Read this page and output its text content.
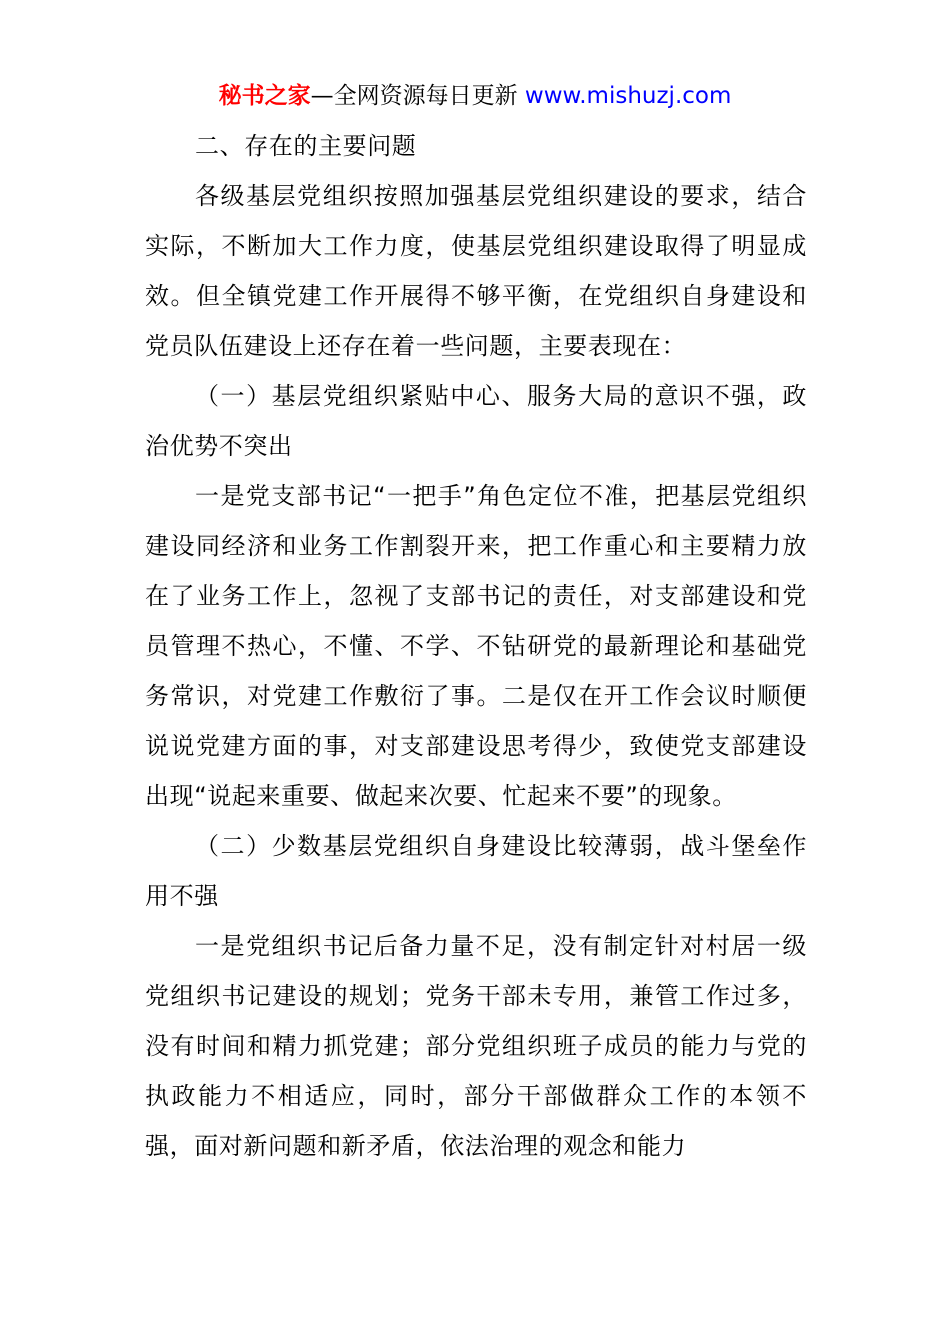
秘书之家—全网资源每日更新 www.mishuzj.com

二、存在的主要问题

各级基层党组织按照加强基层党组织建设的要求，结合实际，不断加大工作力度，使基层党组织建设取得了明显成效。但全镇党建工作开展得不够平衡，在党组织自身建设和党员队伍建设上还存在着一些问题，主要表现在：

（一）基层党组织紧贴中心、服务大局的意识不强，政治优势不突出

一是党支部书记“一把手”角色定位不准，把基层党组织建设同经济和业务工作割裂开来，把工作重心和主要精力放在了业务工作上，忽视了支部书记的责任，对支部建设和党员管理不热心，不懂、不学、不钻研党的最新理论和基础党务常识，对党建工作敷衍了事。二是仅在开工作会议时顺便说说党建方面的事，对支部建设思考得少，致使党支部建设出现“说起来重要、做起来次要、忙起来不要”的现象。

（二）少数基层党组织自身建设比较薄弱，战斗堡垒作用不强

一是党组织书记后备力量不足，没有制定针对村居一级党组织书记建设的规划；党务干部未专用，兼管工作过多，没有时间和精力抓党建；部分党组织班子成员的能力与党的执政能力不相适应，同时，部分干部做群众工作的本领不强，面对新问题和新矛盾，依法治理的观念和能力
